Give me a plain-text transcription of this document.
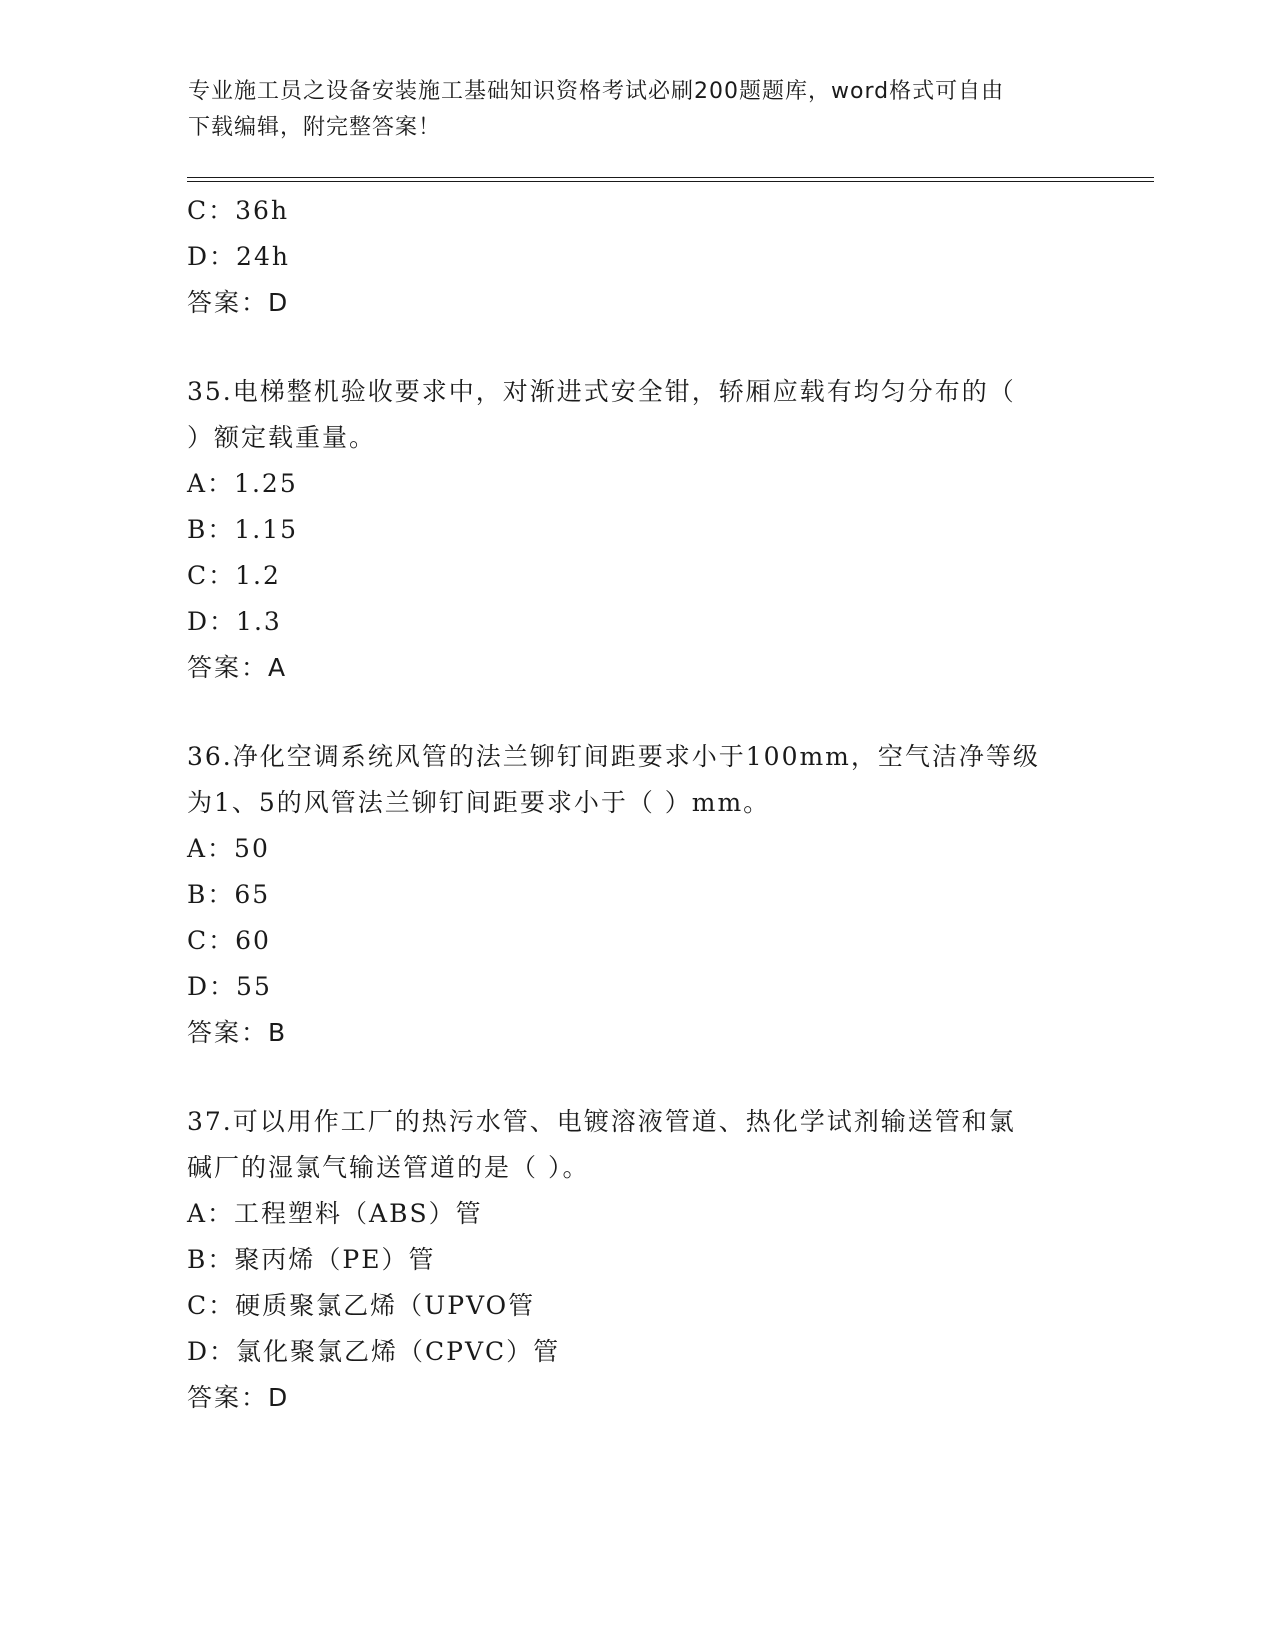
专业施工员之设备安装施工基础知识资格考试必刷200题题库，word格式可自由
下载编辑，附完整答案！
C：36h
D：24h
答案：D
35.电梯整机验收要求中，对渐进式安全钳，轿厢应载有均匀分布的（
）额定载重量。
A：1.25
B：1.15
C：1.2
D：1.3
答案：A
36.净化空调系统风管的法兰铆钉间距要求小于100mm，空气洁净等级
为1、5的风管法兰铆钉间距要求小于（ ）mm。
A：50
B：65
C：60
D：55
答案：B
37.可以用作工厂的热污水管、电镀溶液管道、热化学试剂输送管和氯
碱厂的湿氯气输送管道的是（ ）。
A：工程塑料（ABS）管
B：聚丙烯（PE）管
C：硬质聚氯乙烯（UPVO管
D：氯化聚氯乙烯（CPVC）管
答案：D
